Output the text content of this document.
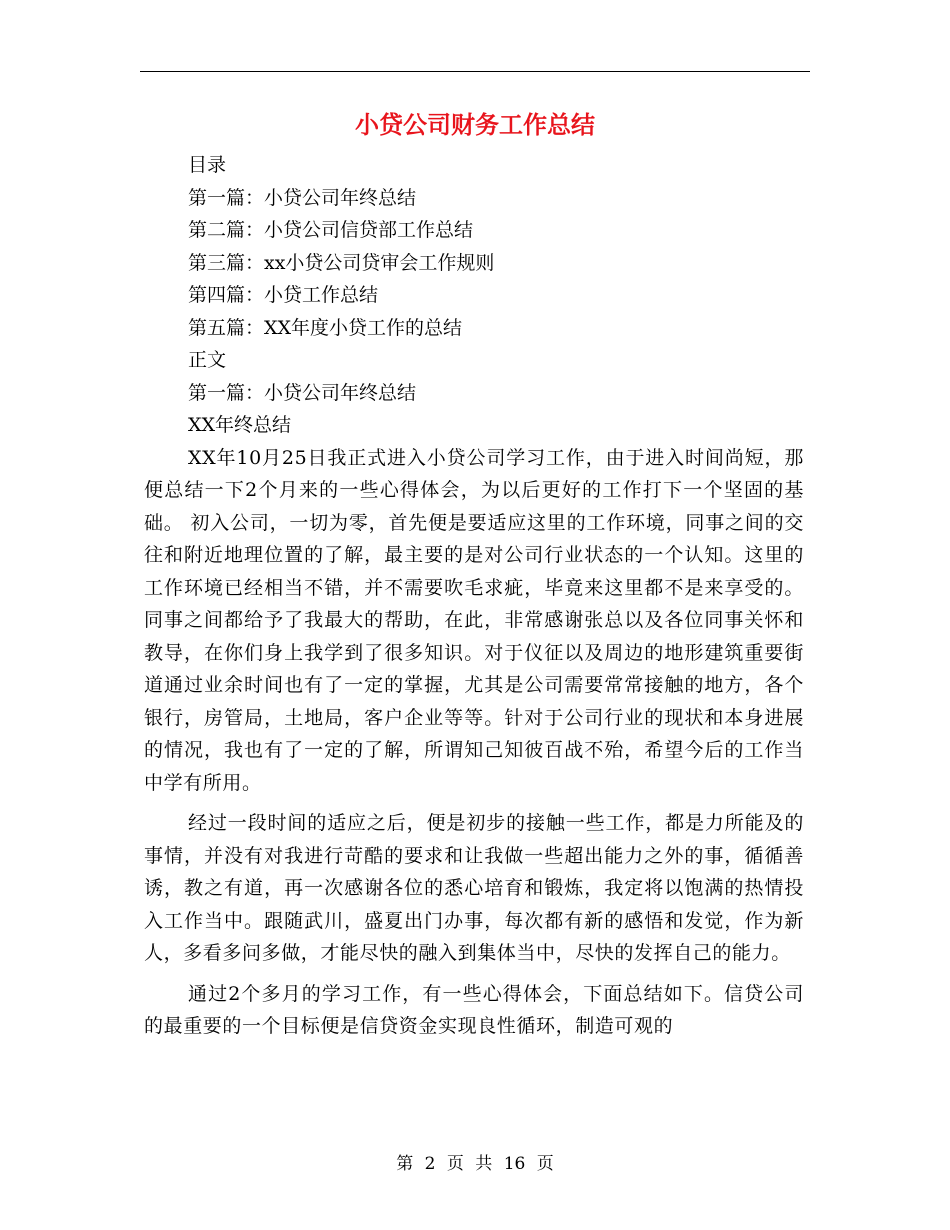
小贷公司财务工作总结
目录
第一篇：小贷公司年终总结
第二篇：小贷公司信贷部工作总结
第三篇：xx小贷公司贷审会工作规则
第四篇：小贷工作总结
第五篇：XX年度小贷工作的总结
正文
第一篇：小贷公司年终总结
XX年终总结

XX年10月25日我正式进入小贷公司学习工作，由于进入时间尚短，那便总结一下2个月来的一些心得体会，为以后更好的工作打下一个坚固的基础。 初入公司，一切为零，首先便是要适应这里的工作环境，同事之间的交往和附近地理位置的了解，最主要的是对公司行业状态的一个认知。这里的工作环境已经相当不错，并不需要吹毛求疵，毕竟来这里都不是来享受的。同事之间都给予了我最大的帮助，在此，非常感谢张总以及各位同事关怀和教导，在你们身上我学到了很多知识。对于仪征以及周边的地形建筑重要街道通过业余时间也有了一定的掌握，尤其是公司需要常常接触的地方，各个银行，房管局，土地局，客户企业等等。针对于公司行业的现状和本身进展的情况，我也有了一定的了解，所谓知己知彼百战不殆，希望今后的工作当中学有所用。

经过一段时间的适应之后，便是初步的接触一些工作，都是力所能及的事情，并没有对我进行苛酷的要求和让我做一些超出能力之外的事，循循善诱，教之有道，再一次感谢各位的悉心培育和锻炼，我定将以饱满的热情投入工作当中。跟随武川，盛夏出门办事，每次都有新的感悟和发觉，作为新人，多看多问多做，才能尽快的融入到集体当中，尽快的发挥自己的能力。

通过2个多月的学习工作，有一些心得体会，下面总结如下。信贷公司的最重要的一个目标便是信贷资金实现良性循环，制造可观的

第 2 页 共 16 页
